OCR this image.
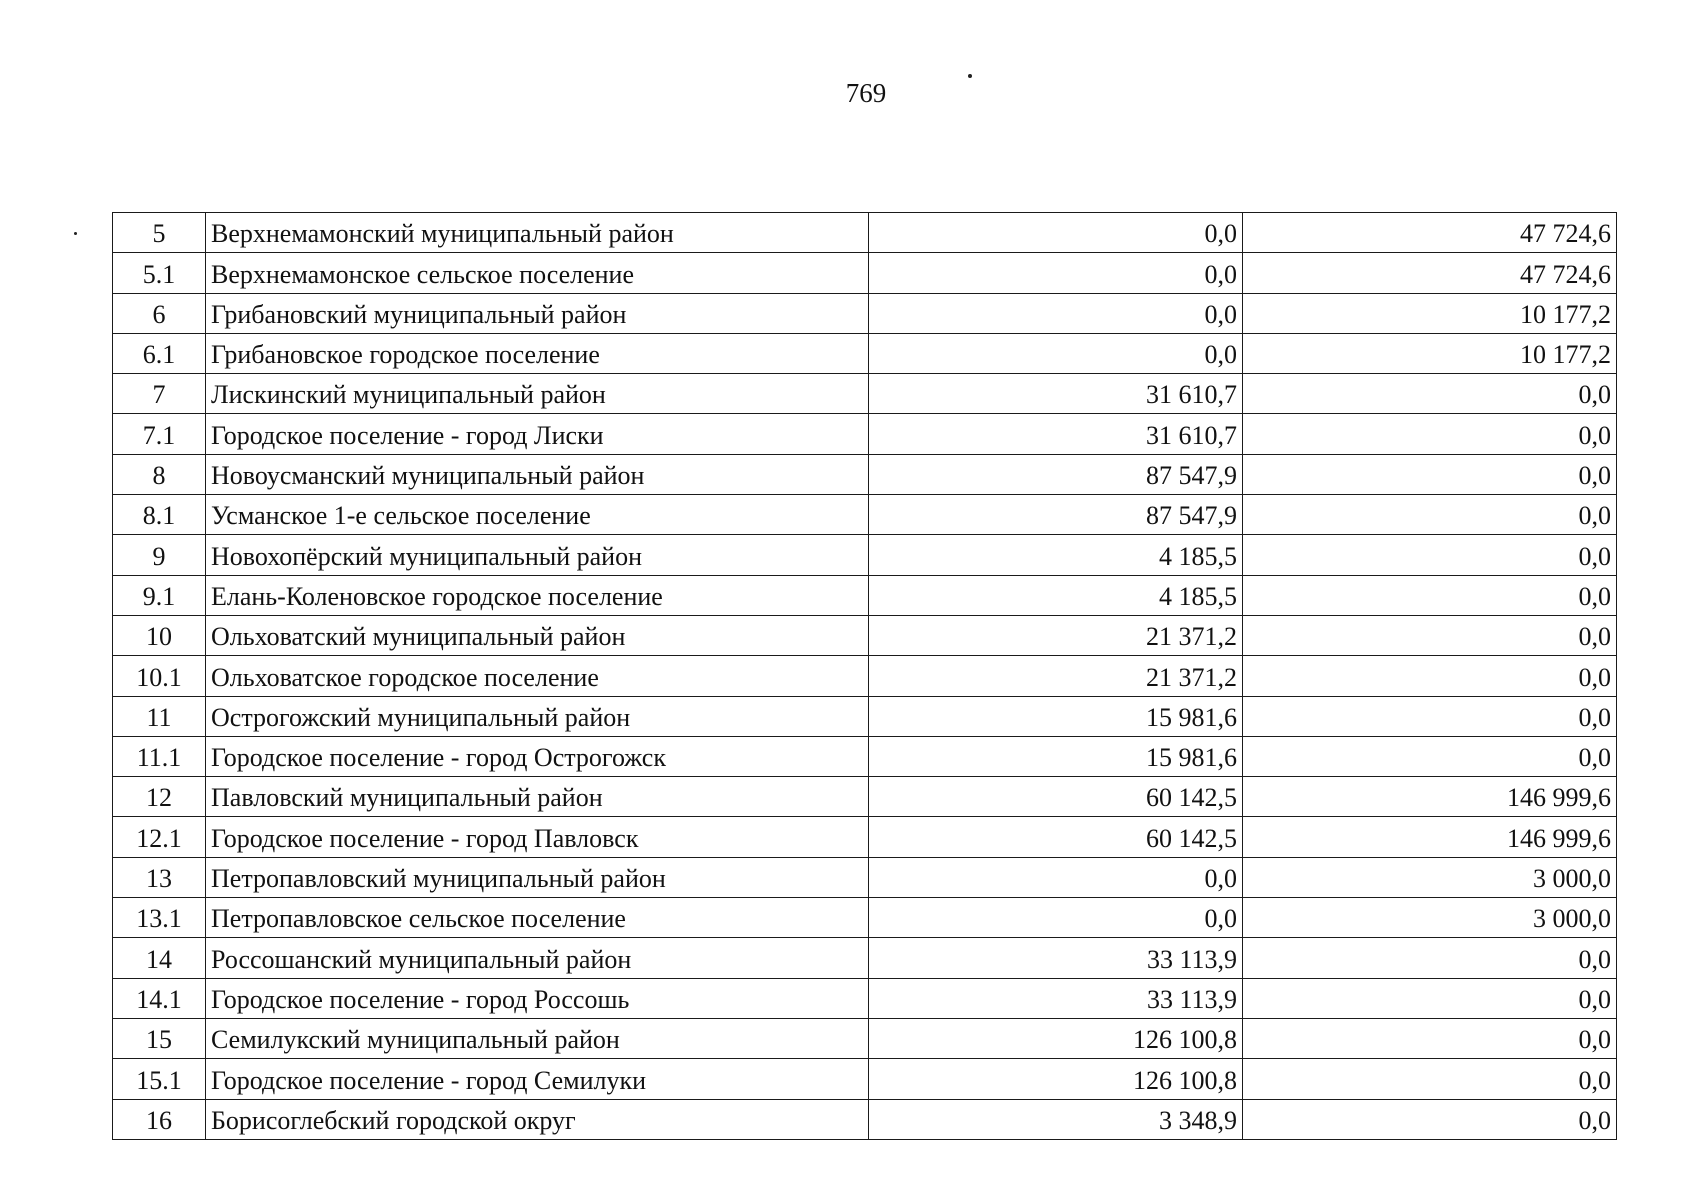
769
5	Верхнемамонский муниципальный район	0,0	47 724,6
5.1	Верхнемамонское сельское поселение	0,0	47 724,6
6	Грибановский муниципальный район	0,0	10 177,2
6.1	Грибановское городское поселение	0,0	10 177,2
7	Лискинский муниципальный район	31 610,7	0,0
7.1	Городское поселение - город Лиски	31 610,7	0,0
8	Новоусманский муниципальный район	87 547,9	0,0
8.1	Усманское 1-е сельское поселение	87 547,9	0,0
9	Новохопёрский муниципальный район	4 185,5	0,0
9.1	Елань-Коленовское городское поселение	4 185,5	0,0
10	Ольховатский муниципальный район	21 371,2	0,0
10.1	Ольховатское городское поселение	21 371,2	0,0
11	Острогожский муниципальный район	15 981,6	0,0
11.1	Городское поселение - город Острогожск	15 981,6	0,0
12	Павловский муниципальный район	60 142,5	146 999,6
12.1	Городское поселение - город Павловск	60 142,5	146 999,6
13	Петропавловский муниципальный район	0,0	3 000,0
13.1	Петропавловское сельское поселение	0,0	3 000,0
14	Россошанский муниципальный район	33 113,9	0,0
14.1	Городское поселение - город Россошь	33 113,9	0,0
15	Семилукский муниципальный район	126 100,8	0,0
15.1	Городское поселение - город Семилуки	126 100,8	0,0
16	Борисоглебский городской округ	3 348,9	0,0
